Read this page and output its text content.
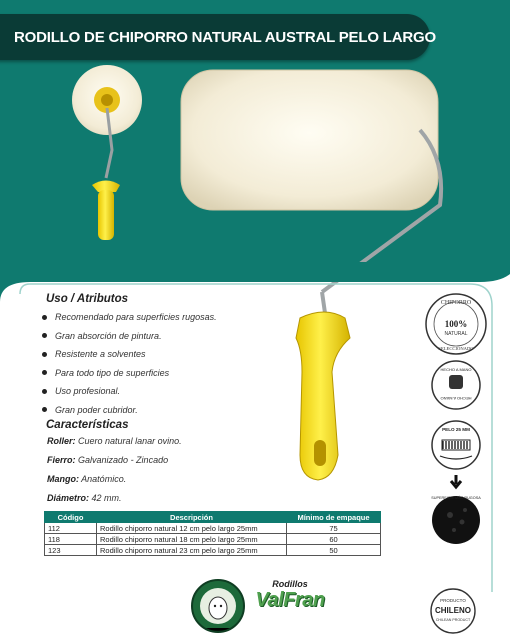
RODILLO DE CHIPORRO NATURAL AUSTRAL PELO LARGO
Uso / Atributos
Recomendado para superficies rugosas.
Gran absorción de pintura.
Resistente a solventes
Para todo tipo de superficies
Uso profesional.
Gran poder cubridor.
Características
Roller: Cuero natural lanar ovino.
Fierro: Galvanizado - Zincado
Mango: Anatómico.
Diámetro: 42 mm.
Código	Descripción	Mínimo de empaque
112	Rodillo chiporro natural 12 cm pelo largo 25mm	75
118	Rodillo chiporro natural 18 cm pelo largo 25mm	60
123	Rodillo chiporro natural 23 cm pelo largo 25mm	50
CHIPORRO
100%
NATURAL
SELECCIONADO
HECHO A MANO
HECHO A MANO
PELO 25 MM
SUPERFICIE MÁS RUGOSA
PRODUCTO
CHILENO
CHILEAN PRODUCT
Rodillos
ValFran
